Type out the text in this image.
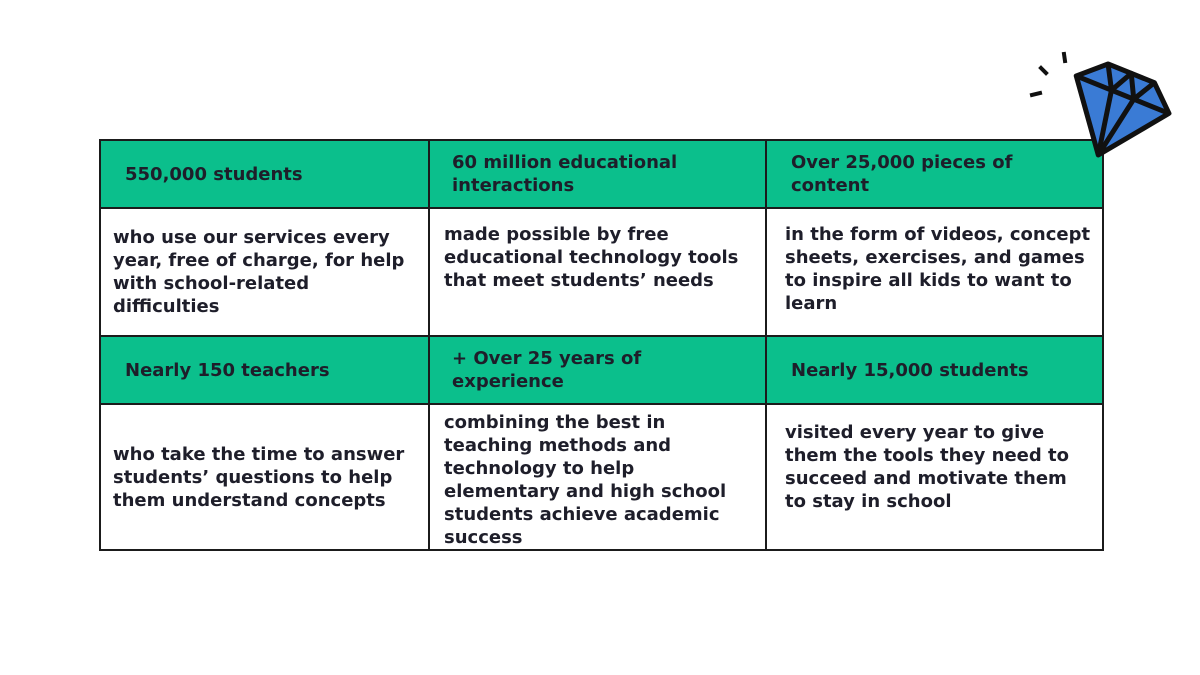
550,000 students	60 million educational interactions	Over 25,000 pieces of content

who use our services every year, free of charge, for help with school-related difficulties	made possible by free educational technology tools that meet students’ needs	in the form of videos, concept sheets, exercises, and games to inspire all kids to want to learn

Nearly 150 teachers	+ Over 25 years of experience	Nearly 15,000 students

who take the time to answer students’ questions to help them understand concepts	combining the best in teaching methods and technology to help elementary and high school students achieve academic success	visited every year to give them the tools they need to succeed and motivate them to stay in school
